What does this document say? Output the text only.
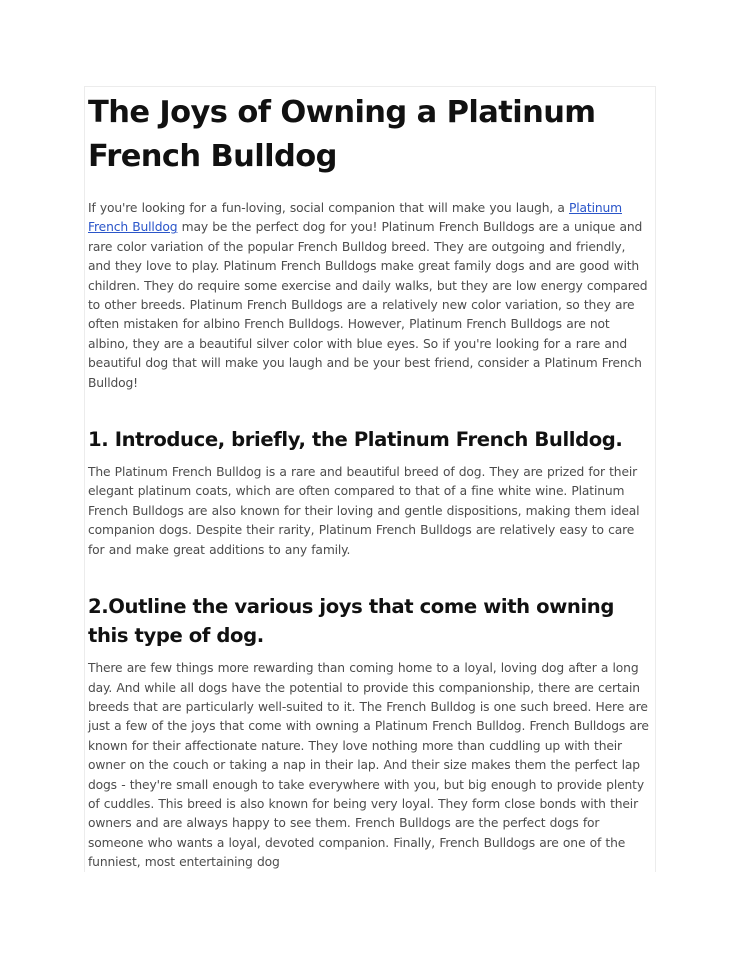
The Joys of Owning a Platinum French Bulldog

If you're looking for a fun-loving, social companion that will make you laugh, a Platinum French Bulldog may be the perfect dog for you! Platinum French Bulldogs are a unique and rare color variation of the popular French Bulldog breed. They are outgoing and friendly, and they love to play. Platinum French Bulldogs make great family dogs and are good with children. They do require some exercise and daily walks, but they are low energy compared to other breeds. Platinum French Bulldogs are a relatively new color variation, so they are often mistaken for albino French Bulldogs. However, Platinum French Bulldogs are not albino, they are a beautiful silver color with blue eyes. So if you're looking for a rare and beautiful dog that will make you laugh and be your best friend, consider a Platinum French Bulldog!

1. Introduce, briefly, the Platinum French Bulldog.

The Platinum French Bulldog is a rare and beautiful breed of dog. They are prized for their elegant platinum coats, which are often compared to that of a fine white wine. Platinum French Bulldogs are also known for their loving and gentle dispositions, making them ideal companion dogs. Despite their rarity, Platinum French Bulldogs are relatively easy to care for and make great additions to any family.

2.Outline the various joys that come with owning this type of dog.

There are few things more rewarding than coming home to a loyal, loving dog after a long day. And while all dogs have the potential to provide this companionship, there are certain breeds that are particularly well-suited to it. The French Bulldog is one such breed. Here are just a few of the joys that come with owning a Platinum French Bulldog. French Bulldogs are known for their affectionate nature. They love nothing more than cuddling up with their owner on the couch or taking a nap in their lap. And their size makes them the perfect lap dogs - they're small enough to take everywhere with you, but big enough to provide plenty of cuddles. This breed is also known for being very loyal. They form close bonds with their owners and are always happy to see them. French Bulldogs are the perfect dogs for someone who wants a loyal, devoted companion. Finally, French Bulldogs are one of the funniest, most entertaining dog
